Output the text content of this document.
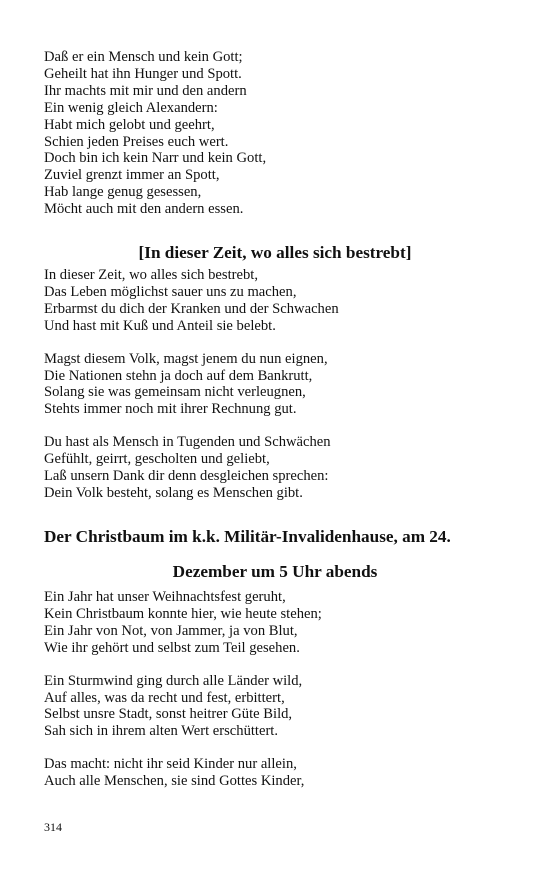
Daß er ein Mensch und kein Gott;
Geheilt hat ihn Hunger und Spott.
Ihr machts mit mir und den andern
Ein wenig gleich Alexandern:
Habt mich gelobt und geehrt,
Schien jeden Preises euch wert.
Doch bin ich kein Narr und kein Gott,
Zuviel grenzt immer an Spott,
Hab lange genug gesessen,
Möcht auch mit den andern essen.
[In dieser Zeit, wo alles sich bestrebt]
In dieser Zeit, wo alles sich bestrebt,
Das Leben möglichst sauer uns zu machen,
Erbarmst du dich der Kranken und der Schwachen
Und hast mit Kuß und Anteil sie belebt.
Magst diesem Volk, magst jenem du nun eignen,
Die Nationen stehn ja doch auf dem Bankrutt,
Solang sie was gemeinsam nicht verleugnen,
Stehts immer noch mit ihrer Rechnung gut.
Du hast als Mensch in Tugenden und Schwächen
Gefühlt, geirrt, gescholten und geliebt,
Laß unsern Dank dir denn desgleichen sprechen:
Dein Volk besteht, solang es Menschen gibt.
Der Christbaum im k.k. Militär-Invalidenhause, am 24.
Dezember um 5 Uhr abends
Ein Jahr hat unser Weihnachtsfest geruht,
Kein Christbaum konnte hier, wie heute stehen;
Ein Jahr von Not, von Jammer, ja von Blut,
Wie ihr gehört und selbst zum Teil gesehen.
Ein Sturmwind ging durch alle Länder wild,
Auf alles, was da recht und fest, erbittert,
Selbst unsre Stadt, sonst heitrer Güte Bild,
Sah sich in ihrem alten Wert erschüttert.
Das macht: nicht ihr seid Kinder nur allein,
Auch alle Menschen, sie sind Gottes Kinder,
314
